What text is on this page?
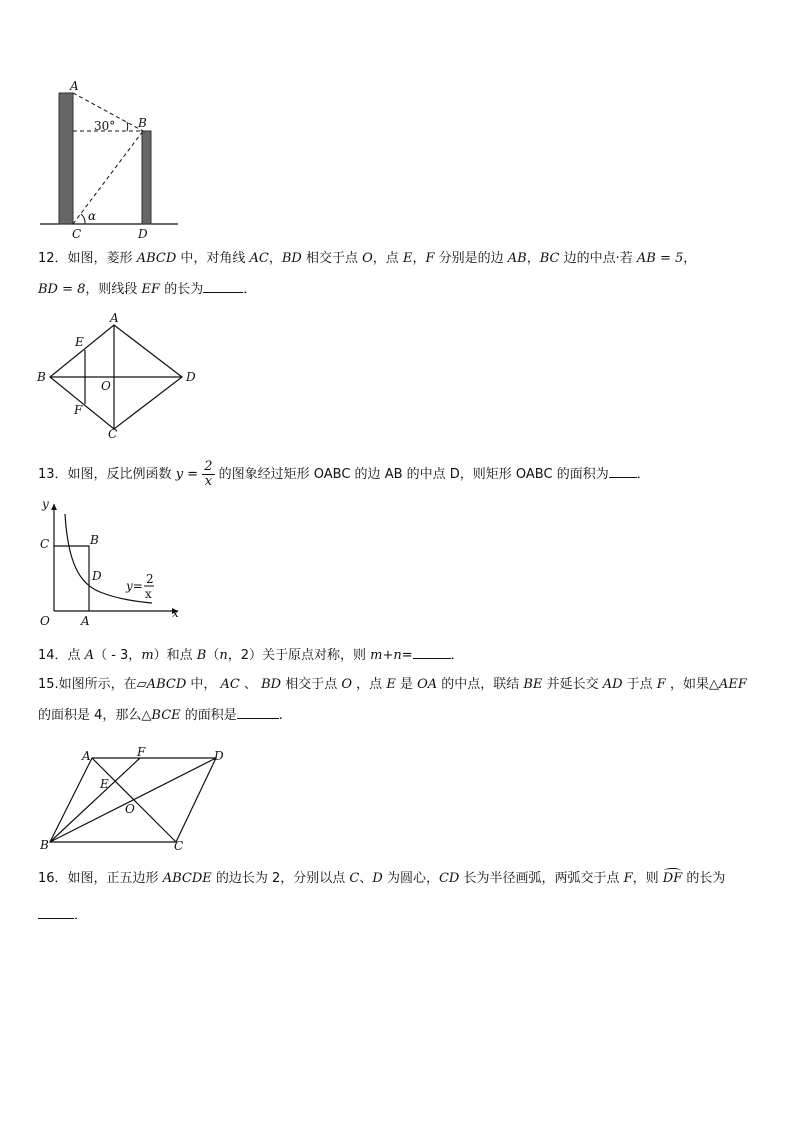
A
B
C	D
30°
α
12．如图，菱形 ABCD 中，对角线 AC，BD 相交于点 O，点 E，F 分别是的边 AB，BC 边的中点·若 AB = 5，
BD = 8，则线段 EF 的长为	．
A
B
C
D
E
F
O
13．如图，反比例函数 $y = \frac{2}{x}$ 的图象经过矩形 OABC 的边 AB 的中点 D，则矩形 OABC 的面积为 ．
y
x
C	B
D
O	A
y= 2
x
14．点 A（ - 3，m）和点 B（n，2）关于原点对称，则 m+n=	．
15.如图所示，在▱ABCD 中， AC 、 BD 相交于点 O ，点 E 是 OA 的中点，联结 BE 并延长交 AD 于点 F ，如果△AEF
的面积是 4，那么△BCE 的面积是	.
A	F	D
E
O
B	C
16．如图，正五边形 ABCDE 的边长为 2，分别以点 C、D 为圆心，CD 长为半径画弧，两弧交于点 F，则 DF 的长为
．
